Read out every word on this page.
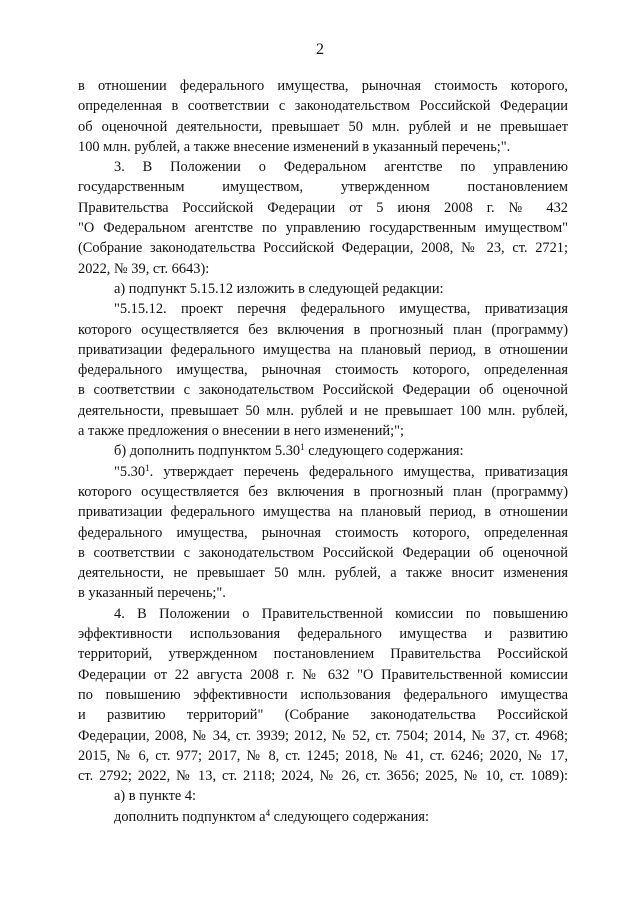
2

в отношении федерального имущества, рыночная стоимость которого,

определенная в соответствии с законодательством Российской Федерации

об оценочной деятельности, превышает 50 млн. рублей и не превышает

100 млн. рублей, а также внесение изменений в указанный перечень;".

3. В Положении о Федеральном агентстве по управлению

государственным имуществом, утвержденном постановлением

Правительства Российской Федерации от 5 июня 2008 г. № 432

"О Федеральном агентстве по управлению государственным имуществом"

(Собрание законодательства Российской Федерации, 2008, № 23, ст. 2721;

2022, № 39, ст. 6643):

а) подпункт 5.15.12 изложить в следующей редакции:

"5.15.12. проект перечня федерального имущества, приватизация

которого осуществляется без включения в прогнозный план (программу)

приватизации федерального имущества на плановый период, в отношении

федерального имущества, рыночная стоимость которого, определенная

в соответствии с законодательством Российской Федерации об оценочной

деятельности, превышает 50 млн. рублей и не превышает 100 млн. рублей,

а также предложения о внесении в него изменений;";

б) дополнить подпунктом 5.30$^1$ следующего содержания:

"5.30$^1$. утверждает перечень федерального имущества, приватизация

которого осуществляется без включения в прогнозный план (программу)

приватизации федерального имущества на плановый период, в отношении

федерального имущества, рыночная стоимость которого, определенная

в соответствии с законодательством Российской Федерации об оценочной

деятельности, не превышает 50 млн. рублей, а также вносит изменения

в указанный перечень;".

4. В Положении о Правительственной комиссии по повышению

эффективности использования федерального имущества и развитию

территорий, утвержденном постановлением Правительства Российской

Федерации от 22 августа 2008 г. № 632 "О Правительственной комиссии

по повышению эффективности использования федерального имущества

и развитию территорий" (Собрание законодательства Российской

Федерации, 2008, № 34, ст. 3939; 2012, № 52, ст. 7504; 2014, № 37, ст. 4968;

2015, № 6, ст. 977; 2017, № 8, ст. 1245; 2018, № 41, ст. 6246; 2020, № 17,

ст. 2792; 2022, № 13, ст. 2118; 2024, № 26, ст. 3656; 2025, № 10, ст. 1089):

а) в пункте 4:

дополнить подпунктом $а^4$ следующего содержания:
